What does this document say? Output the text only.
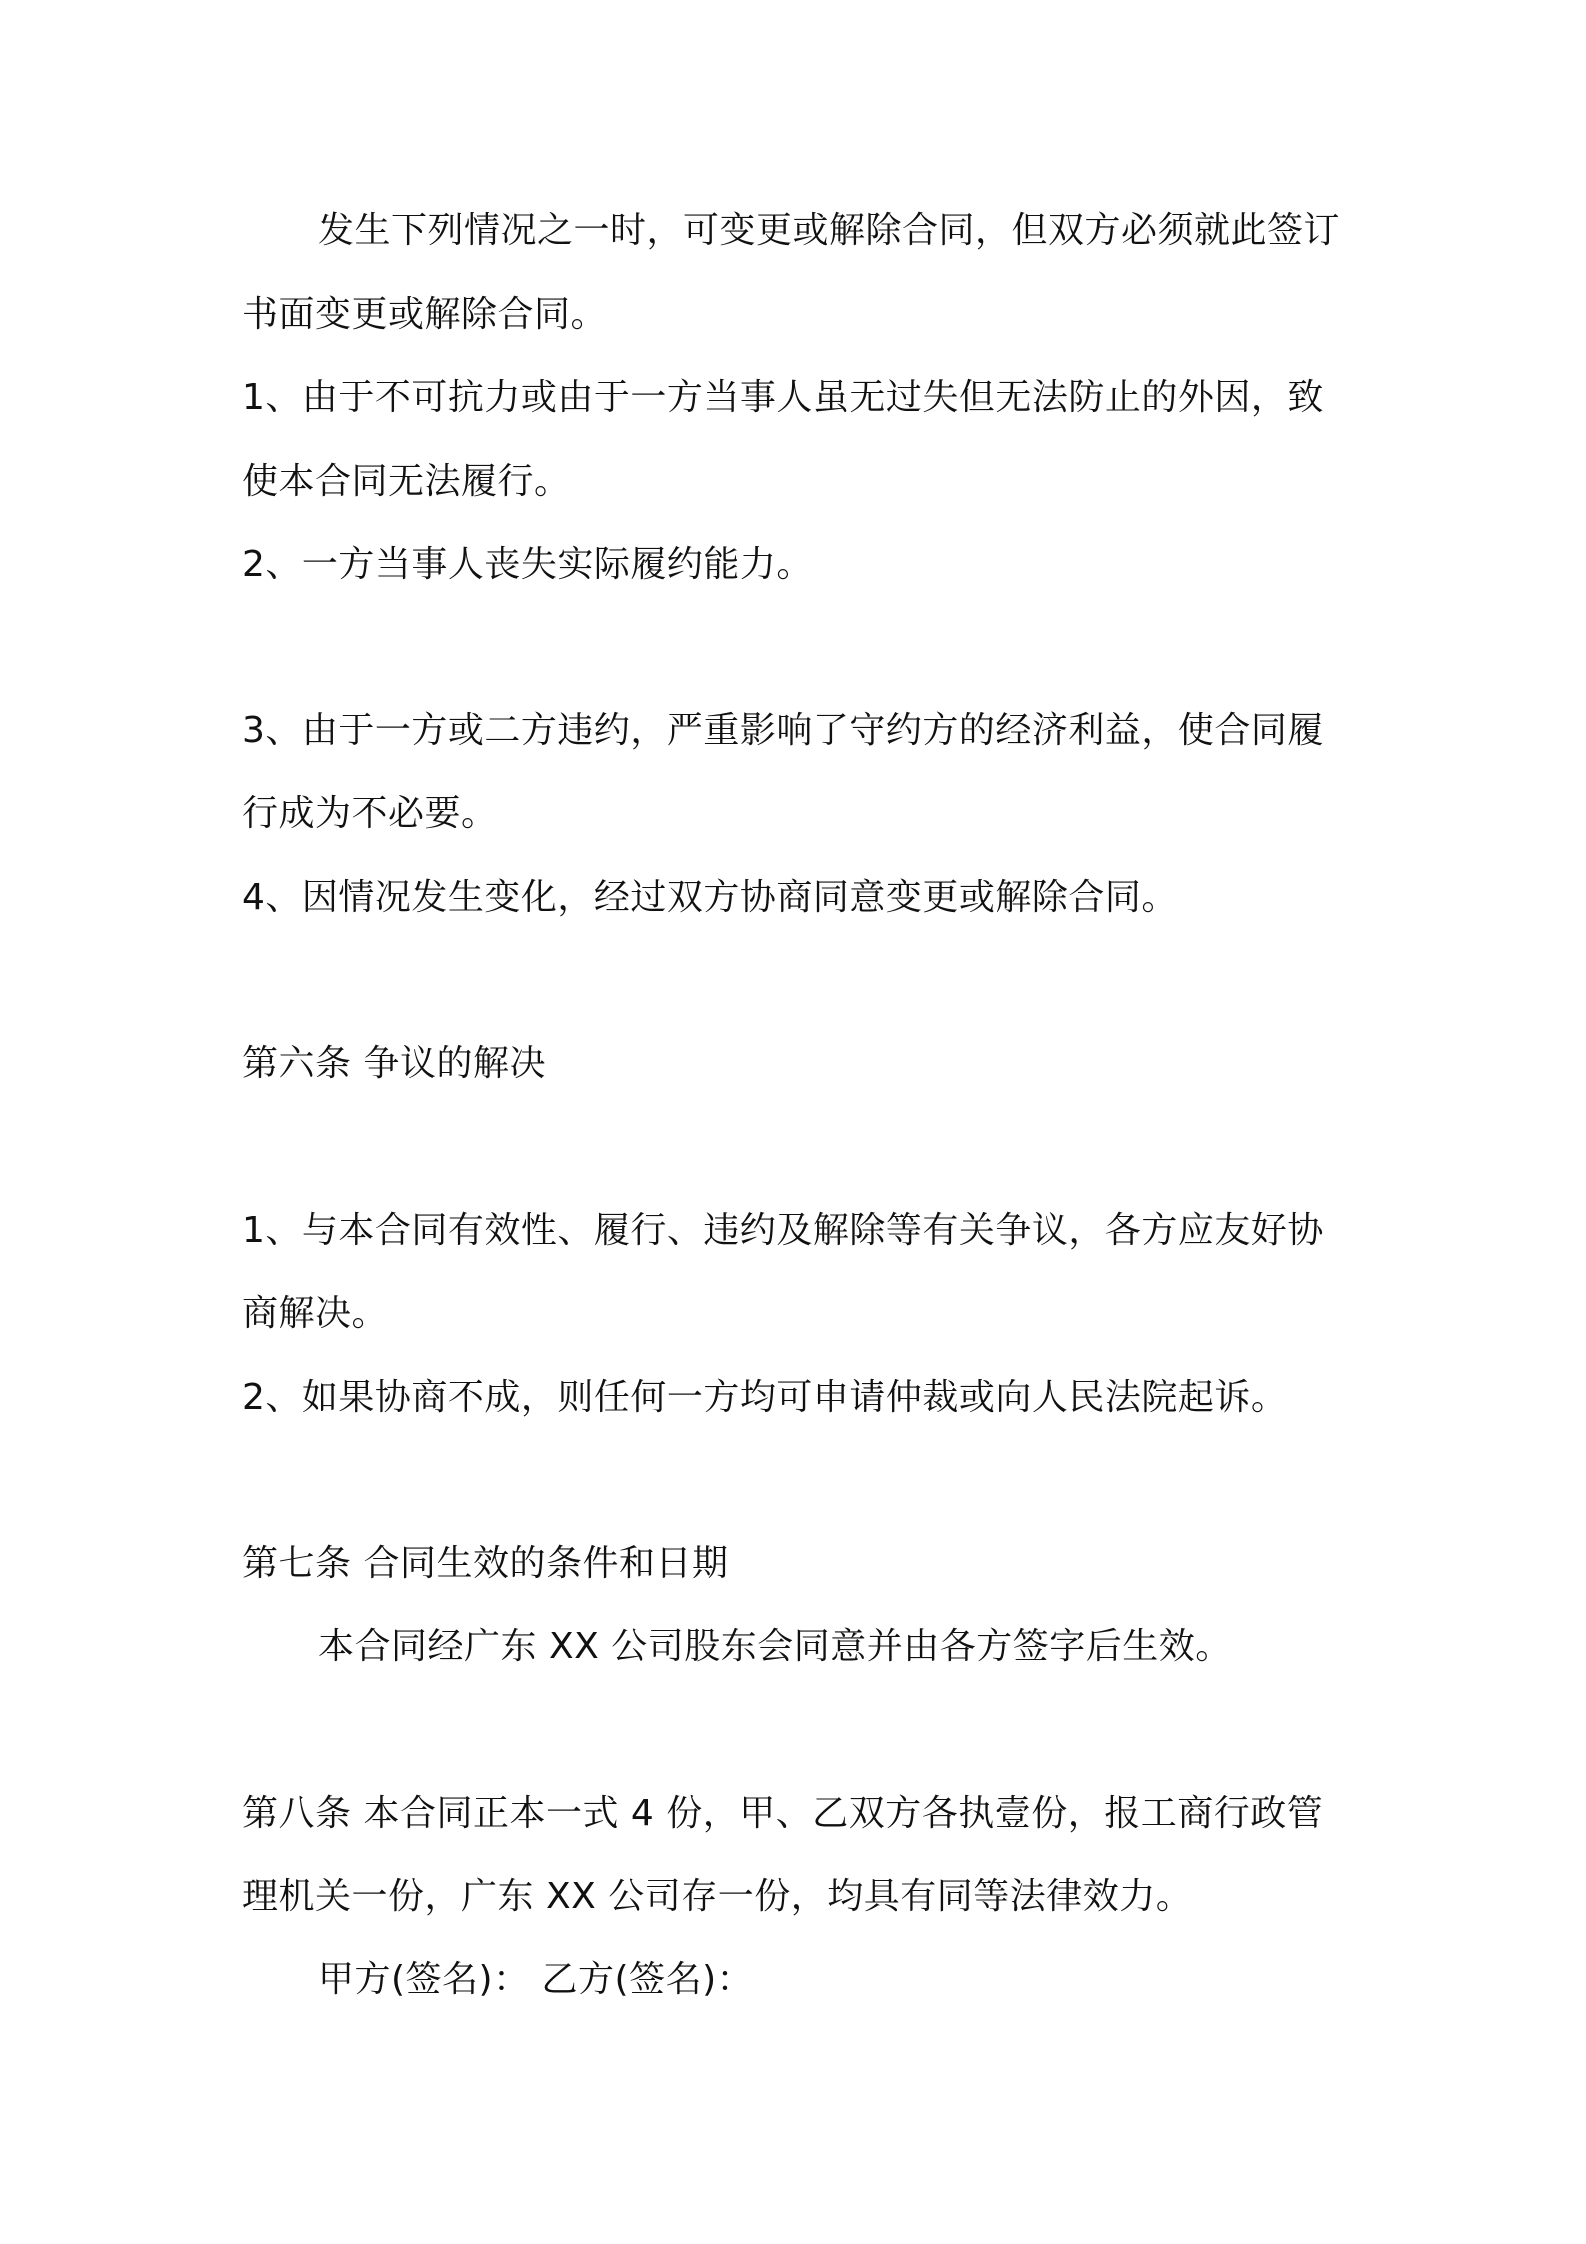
发生下列情况之一时，可变更或解除合同，但双方必须就此签订
书面变更或解除合同。
1、由于不可抗力或由于一方当事人虽无过失但无法防止的外因，致
使本合同无法履行。
2、一方当事人丧失实际履约能力。
3、由于一方或二方违约，严重影响了守约方的经济利益，使合同履
行成为不必要。
4、因情况发生变化，经过双方协商同意变更或解除合同。
第六条 争议的解决
1、与本合同有效性、履行、违约及解除等有关争议，各方应友好协
商解决。
2、如果协商不成，则任何一方均可申请仲裁或向人民法院起诉。
第七条 合同生效的条件和日期
本合同经广东 XX 公司股东会同意并由各方签字后生效。
第八条 本合同正本一式 4 份，甲、乙双方各执壹份，报工商行政管
理机关一份，广东 XX 公司存一份，均具有同等法律效力。
甲方(签名)： 乙方(签名)：
